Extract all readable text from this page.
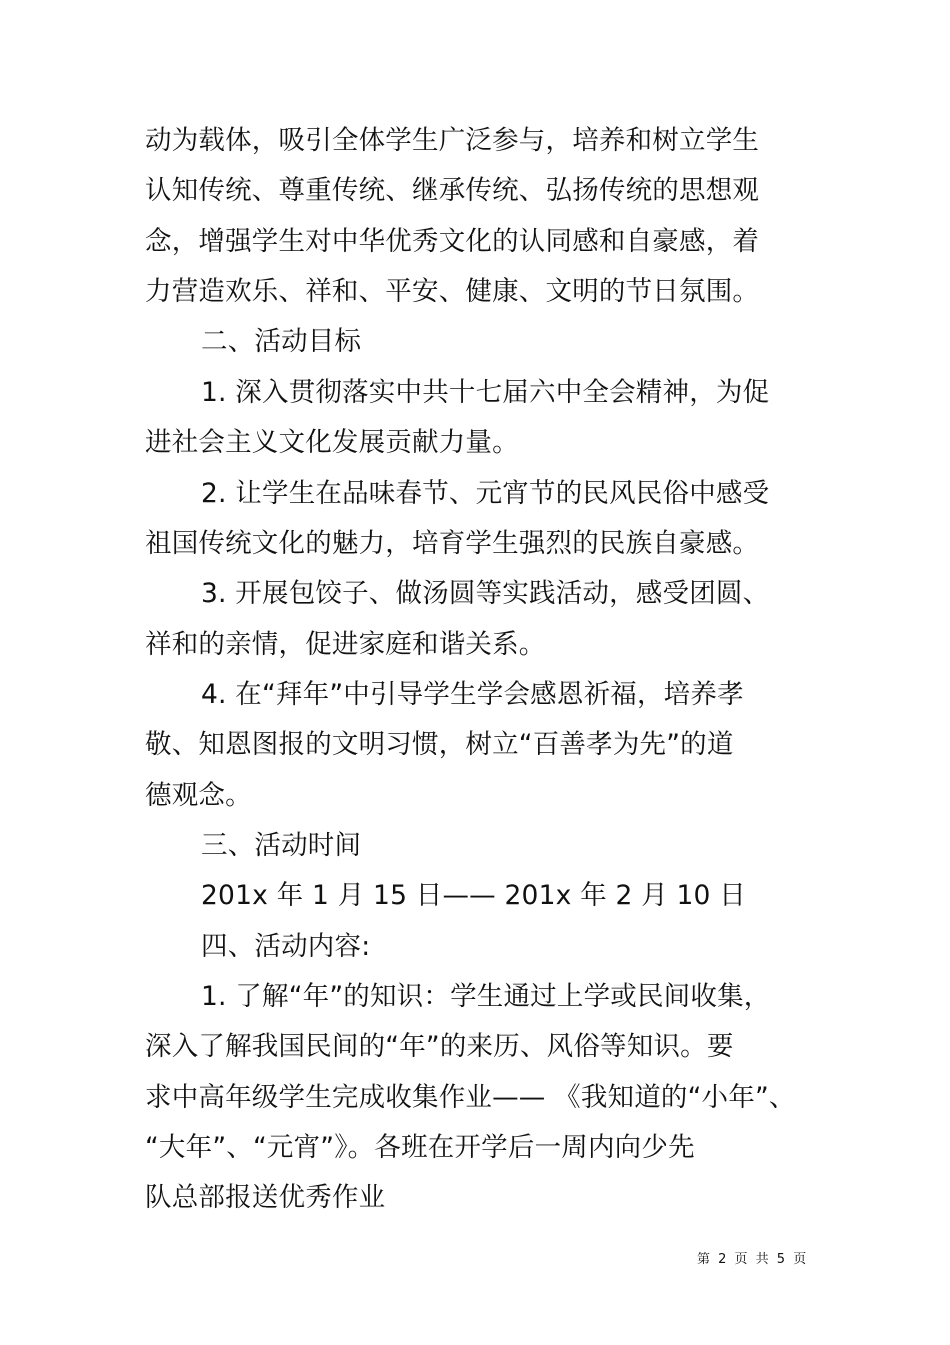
动为载体，吸引全体学生广泛参与，培养和树立学生
认知传统、尊重传统、继承传统、弘扬传统的思想观
念，增强学生对中华优秀文化的认同感和自豪感，着
力营造欢乐、祥和、平安、健康、文明的节日氛围。
二、活动目标
1. 深入贯彻落实中共十七届六中全会精神，为促
进社会主义文化发展贡献力量。
2. 让学生在品味春节、元宵节的民风民俗中感受
祖国传统文化的魅力，培育学生强烈的民族自豪感。
3. 开展包饺子、做汤圆等实践活动，感受团圆、
祥和的亲情，促进家庭和谐关系。
4. 在“拜年”中引导学生学会感恩祈福，培养孝
敬、知恩图报的文明习惯，树立“百善孝为先”的道
德观念。
三、活动时间
201x 年 1 月 15 日—— 201x 年 2 月 10 日
四、活动内容:
1. 了解“年”的知识：学生通过上学或民间收集，
深入了解我国民间的“年”的来历、风俗等知识。要
求中高年级学生完成收集作业—— 《我知道的“小年”、
“大年”、“元宵”》。各班在开学后一周内向少先
队总部报送优秀作业
第 2 页 共 5 页
